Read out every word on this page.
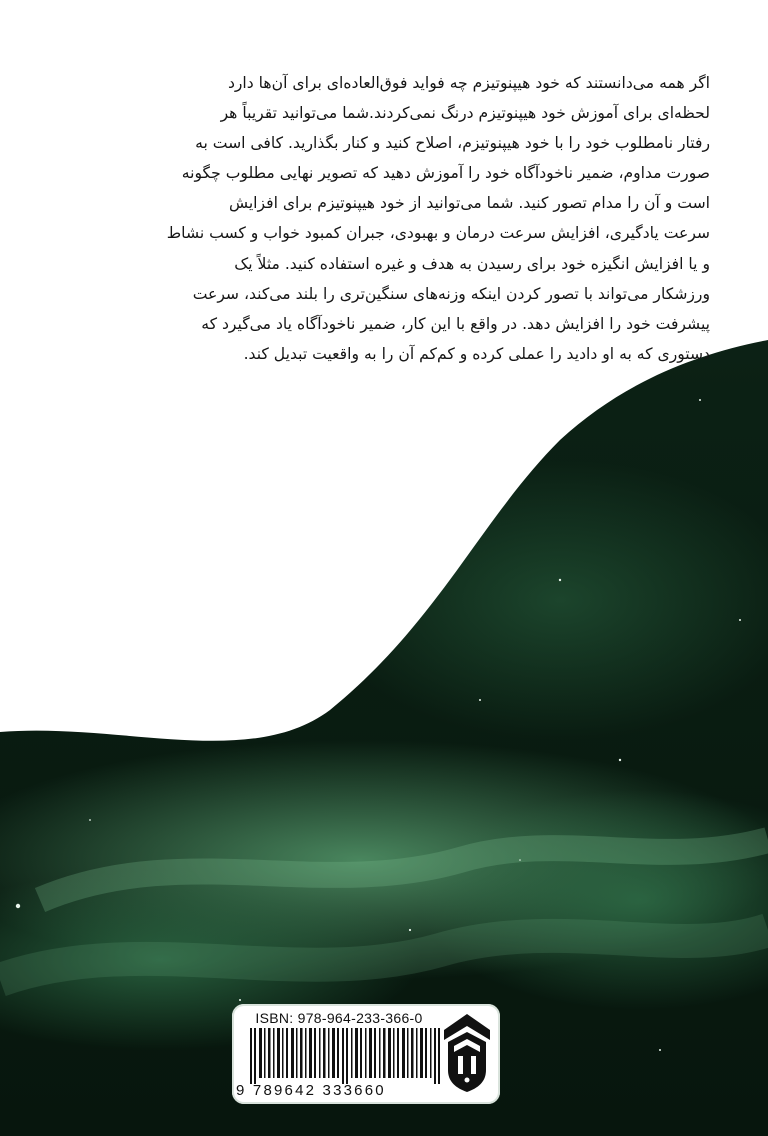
اگر همه می‌دانستند که خود هیپنوتیزم چه فواید فوق‌العاده‌ای برای آن‌ها دارد
لحظه‌ای برای آموزش خود هیپنوتیزم درنگ نمی‌کردند.شما می‌توانید تقریباً هر
رفتار نامطلوب خود را با خود هیپنوتیزم، اصلاح کنید و کنار بگذارید. کافی است به
صورت مداوم، ضمیر ناخودآگاه خود را آموزش دهید که تصویر نهایی مطلوب چگونه
است و آن را مدام تصور کنید. شما می‌توانید از خود هیپنوتیزم برای افزایش
سرعت یادگیری، افزایش سرعت درمان و بهبودی، جبران کمبود خواب و کسب نشاط
و یا افزایش انگیزه خود برای رسیدن به هدف و غیره استفاده کنید. مثلاً یک
ورزشکار می‌تواند با تصور کردن اینکه وزنه‌های سنگین‌تری را بلند می‌کند، سرعت
پیشرفت خود را افزایش دهد. در واقع با این کار، ضمیر ناخودآگاه یاد می‌گیرد که
دستوری که به او دادید را عملی کرده و کم‌کم آن را به واقعیت تبدیل کند.
ISBN: 978-964-233-366-0
9 789642 333660
